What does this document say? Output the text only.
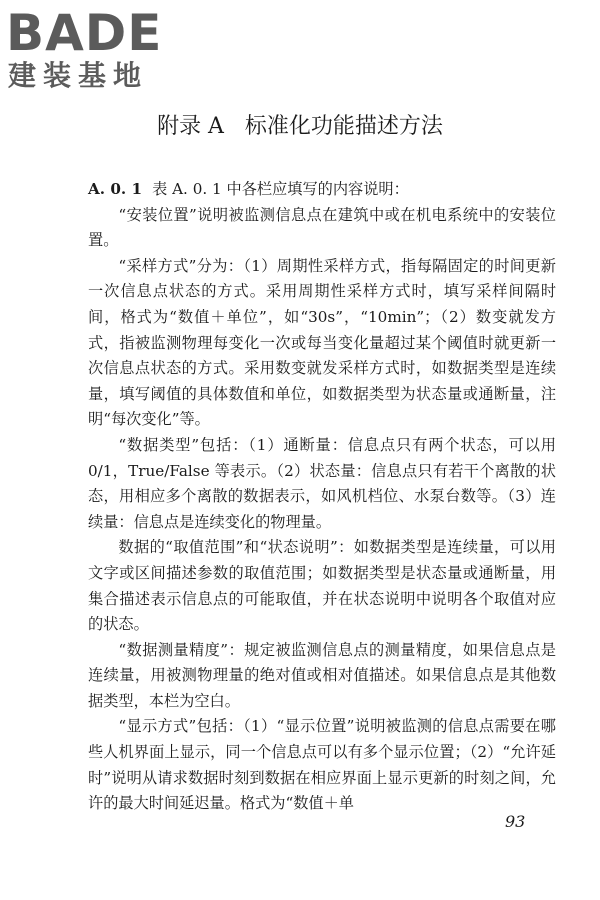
BADE
建装基地
附录 A   标准化功能描述方法

A. 0. 1 表 A. 0. 1 中各栏应填写的内容说明：

“安装位置”说明被监测信息点在建筑中或在机电系统中的安装位置。

“采样方式”分为：（1）周期性采样方式，指每隔固定的时间更新一次信息点状态的方式。采用周期性采样方式时，填写采样间隔时间，格式为“数值＋单位”，如“30s”，“10min”；（2）数变就发方式，指被监测物理每变化一次或每当变化量超过某个阈值时就更新一次信息点状态的方式。采用数变就发采样方式时，如数据类型是连续量，填写阈值的具体数值和单位，如数据类型为状态量或通断量，注明“每次变化”等。

“数据类型”包括：（1）通断量：信息点只有两个状态，可以用 0/1，True/False 等表示。（2）状态量：信息点只有若干个离散的状态，用相应多个离散的数据表示，如风机档位、水泵台数等。（3）连续量：信息点是连续变化的物理量。

数据的“取值范围”和“状态说明”：如数据类型是连续量，可以用文字或区间描述参数的取值范围；如数据类型是状态量或通断量，用集合描述表示信息点的可能取值，并在状态说明中说明各个取值对应的状态。

“数据测量精度”：规定被监测信息点的测量精度，如果信息点是连续量，用被测物理量的绝对值或相对值描述。如果信息点是其他数据类型，本栏为空白。

“显示方式”包括：（1）“显示位置”说明被监测的信息点需要在哪些人机界面上显示，同一个信息点可以有多个显示位置；（2）“允许延时”说明从请求数据时刻到数据在相应界面上显示更新的时刻之间，允许的最大时间延迟量。格式为“数值＋单

93
